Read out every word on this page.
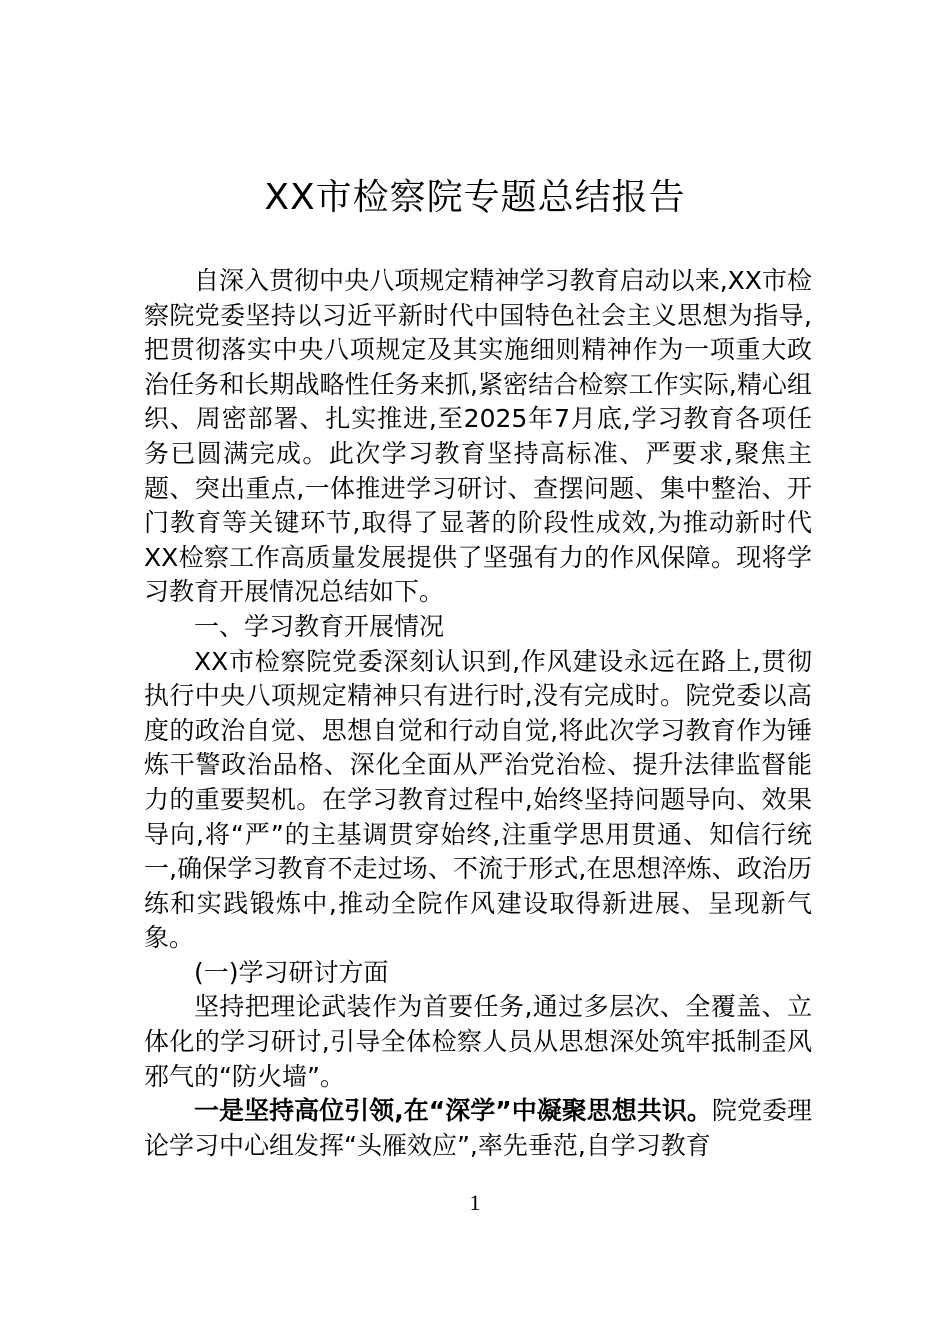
XX市检察院专题总结报告

自深入贯彻中央八项规定精神学习教育启动以来,XX市检察院党委坚持以习近平新时代中国特色社会主义思想为指导,把贯彻落实中央八项规定及其实施细则精神作为一项重大政治任务和长期战略性任务来抓,紧密结合检察工作实际,精心组织、周密部署、扎实推进,至2025年7月底,学习教育各项任务已圆满完成。此次学习教育坚持高标准、严要求,聚焦主题、突出重点,一体推进学习研讨、查摆问题、集中整治、开门教育等关键环节,取得了显著的阶段性成效,为推动新时代XX检察工作高质量发展提供了坚强有力的作风保障。现将学习教育开展情况总结如下。

一、学习教育开展情况

XX市检察院党委深刻认识到,作风建设永远在路上,贯彻执行中央八项规定精神只有进行时,没有完成时。院党委以高度的政治自觉、思想自觉和行动自觉,将此次学习教育作为锤炼干警政治品格、深化全面从严治党治检、提升法律监督能力的重要契机。在学习教育过程中,始终坚持问题导向、效果导向,将“严”的主基调贯穿始终,注重学思用贯通、知信行统一,确保学习教育不走过场、不流于形式,在思想淬炼、政治历练和实践锻炼中,推动全院作风建设取得新进展、呈现新气象。

(一)学习研讨方面

坚持把理论武装作为首要任务,通过多层次、全覆盖、立体化的学习研讨,引导全体检察人员从思想深处筑牢抵制歪风邪气的“防火墙”。

一是坚持高位引领,在“深学”中凝聚思想共识。院党委理论学习中心组发挥“头雁效应”,率先垂范,自学习教育

1
